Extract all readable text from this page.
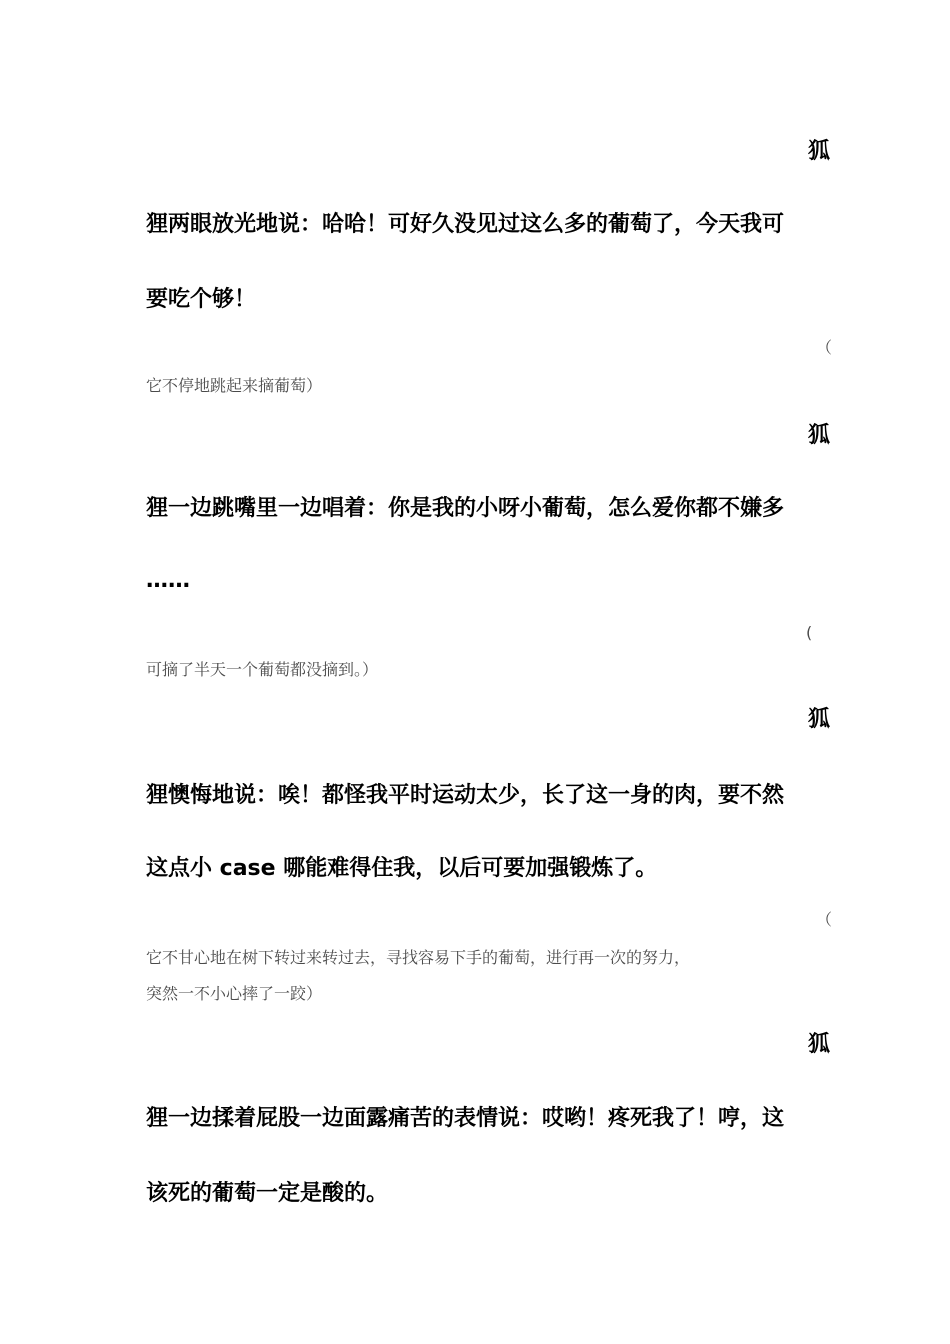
狐
狸两眼放光地说：哈哈！可好久没见过这么多的葡萄了，今天我可
要吃个够！
（
它不停地跳起来摘葡萄）
狐
狸一边跳嘴里一边唱着：你是我的小呀小葡萄，怎么爱你都不嫌多
……
(
可摘了半天一个葡萄都没摘到。）
狐
狸懊悔地说：唉！都怪我平时运动太少，长了这一身的肉，要不然
这点小 case 哪能难得住我，以后可要加强锻炼了。
（
它不甘心地在树下转过来转过去，寻找容易下手的葡萄，进行再一次的努力，
突然一不小心摔了一跤）
狐
狸一边揉着屁股一边面露痛苦的表情说：哎哟！疼死我了！哼，这
该死的葡萄一定是酸的。
